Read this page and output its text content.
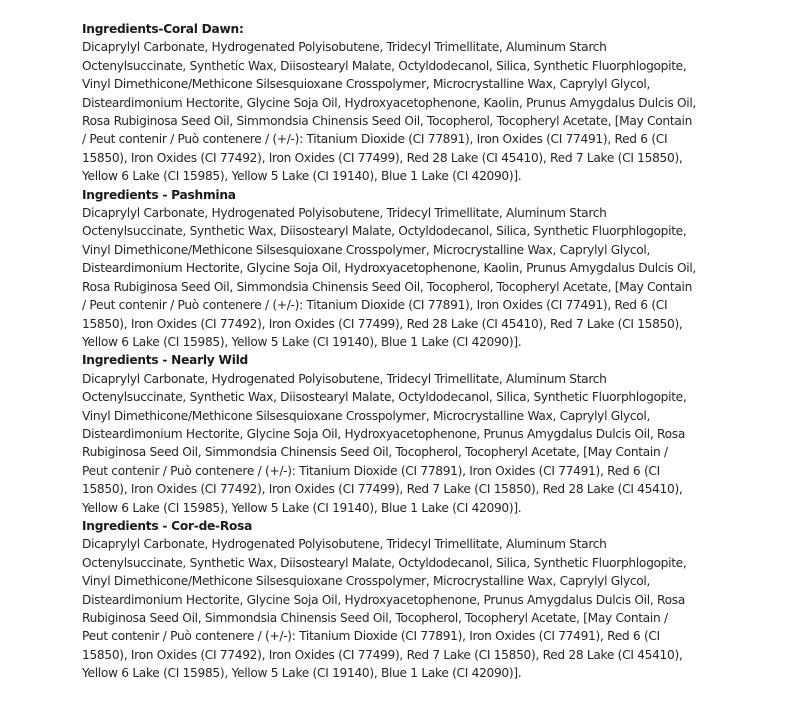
Ingredients-Coral Dawn:

Dicaprylyl Carbonate, Hydrogenated Polyisobutene, Tridecyl Trimellitate, Aluminum Starch
Octenylsuccinate, Synthetic Wax, Diisostearyl Malate, Octyldodecanol, Silica, Synthetic Fluorphlogopite,
Vinyl Dimethicone/Methicone Silsesquioxane Crosspolymer, Microcrystalline Wax, Caprylyl Glycol,
Disteardimonium Hectorite, Glycine Soja Oil, Hydroxyacetophenone, Kaolin, Prunus Amygdalus Dulcis Oil,
Rosa Rubiginosa Seed Oil, Simmondsia Chinensis Seed Oil, Tocopherol, Tocopheryl Acetate, [May Contain
/ Peut contenir / Può contenere / (+/-): Titanium Dioxide (CI 77891), Iron Oxides (CI 77491), Red 6 (CI
15850), Iron Oxides (CI 77492), Iron Oxides (CI 77499), Red 28 Lake (CI 45410), Red 7 Lake (CI 15850),
Yellow 6 Lake (CI 15985), Yellow 5 Lake (CI 19140), Blue 1 Lake (CI 42090)].

Ingredients - Pashmina

Dicaprylyl Carbonate, Hydrogenated Polyisobutene, Tridecyl Trimellitate, Aluminum Starch
Octenylsuccinate, Synthetic Wax, Diisostearyl Malate, Octyldodecanol, Silica, Synthetic Fluorphlogopite,
Vinyl Dimethicone/Methicone Silsesquioxane Crosspolymer, Microcrystalline Wax, Caprylyl Glycol,
Disteardimonium Hectorite, Glycine Soja Oil, Hydroxyacetophenone, Kaolin, Prunus Amygdalus Dulcis Oil,
Rosa Rubiginosa Seed Oil, Simmondsia Chinensis Seed Oil, Tocopherol, Tocopheryl Acetate, [May Contain
/ Peut contenir / Può contenere / (+/-): Titanium Dioxide (CI 77891), Iron Oxides (CI 77491), Red 6 (CI
15850), Iron Oxides (CI 77492), Iron Oxides (CI 77499), Red 28 Lake (CI 45410), Red 7 Lake (CI 15850),
Yellow 6 Lake (CI 15985), Yellow 5 Lake (CI 19140), Blue 1 Lake (CI 42090)].

Ingredients - Nearly Wild

Dicaprylyl Carbonate, Hydrogenated Polyisobutene, Tridecyl Trimellitate, Aluminum Starch
Octenylsuccinate, Synthetic Wax, Diisostearyl Malate, Octyldodecanol, Silica, Synthetic Fluorphlogopite,
Vinyl Dimethicone/Methicone Silsesquioxane Crosspolymer, Microcrystalline Wax, Caprylyl Glycol,
Disteardimonium Hectorite, Glycine Soja Oil, Hydroxyacetophenone, Prunus Amygdalus Dulcis Oil, Rosa
Rubiginosa Seed Oil, Simmondsia Chinensis Seed Oil, Tocopherol, Tocopheryl Acetate, [May Contain /
Peut contenir / Può contenere / (+/-): Titanium Dioxide (CI 77891), Iron Oxides (CI 77491), Red 6 (CI
15850), Iron Oxides (CI 77492), Iron Oxides (CI 77499), Red 7 Lake (CI 15850), Red 28 Lake (CI 45410),
Yellow 6 Lake (CI 15985), Yellow 5 Lake (CI 19140), Blue 1 Lake (CI 42090)].

Ingredients - Cor-de-Rosa

Dicaprylyl Carbonate, Hydrogenated Polyisobutene, Tridecyl Trimellitate, Aluminum Starch
Octenylsuccinate, Synthetic Wax, Diisostearyl Malate, Octyldodecanol, Silica, Synthetic Fluorphlogopite,
Vinyl Dimethicone/Methicone Silsesquioxane Crosspolymer, Microcrystalline Wax, Caprylyl Glycol,
Disteardimonium Hectorite, Glycine Soja Oil, Hydroxyacetophenone, Prunus Amygdalus Dulcis Oil, Rosa
Rubiginosa Seed Oil, Simmondsia Chinensis Seed Oil, Tocopherol, Tocopheryl Acetate, [May Contain /
Peut contenir / Può contenere / (+/-): Titanium Dioxide (CI 77891), Iron Oxides (CI 77491), Red 6 (CI
15850), Iron Oxides (CI 77492), Iron Oxides (CI 77499), Red 7 Lake (CI 15850), Red 28 Lake (CI 45410),
Yellow 6 Lake (CI 15985), Yellow 5 Lake (CI 19140), Blue 1 Lake (CI 42090)].
